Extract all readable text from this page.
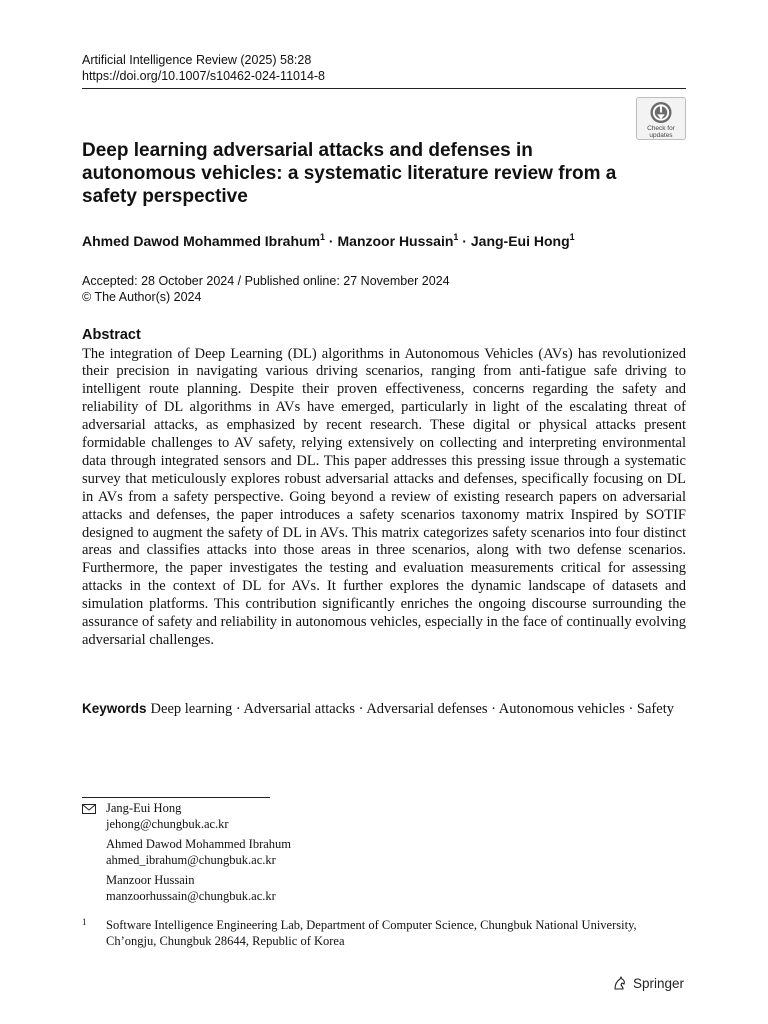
Artificial Intelligence Review (2025) 58:28
https://doi.org/10.1007/s10462-024-11014-8
Check for
updates
Deep learning adversarial attacks and defenses in autonomous vehicles: a systematic literature review from a safety perspective
Ahmed Dawod Mohammed Ibrahum$^1$ · Manzoor Hussain$^1$ · Jang-Eui Hong$^1$
Accepted: 28 October 2024 / Published online: 27 November 2024
© The Author(s) 2024
Abstract

The integration of Deep Learning (DL) algorithms in Autonomous Vehicles (AVs) has revolutionized their precision in navigating various driving scenarios, ranging from anti-fatigue safe driving to intelligent route planning. Despite their proven effectiveness, concerns regarding the safety and reliability of DL algorithms in AVs have emerged, particularly in light of the escalating threat of adversarial attacks, as emphasized by recent research. These digital or physical attacks present formidable challenges to AV safety, relying extensively on collecting and interpreting environmental data through integrated sensors and DL. This paper addresses this pressing issue through a systematic survey that meticulously explores robust adversarial attacks and defenses, specifically focusing on DL in AVs from a safety perspective. Going beyond a review of existing research papers on adversarial attacks and defenses, the paper introduces a safety scenarios taxonomy matrix Inspired by SOTIF designed to augment the safety of DL in AVs. This matrix categorizes safety scenarios into four distinct areas and classifies attacks into those areas in three scenarios, along with two defense scenarios. Furthermore, the paper investigates the testing and evaluation measurements critical for assessing attacks in the context of DL for AVs. It further explores the dynamic landscape of datasets and simulation platforms. This contribution significantly enriches the ongoing discourse surrounding the assurance of safety and reliability in autonomous vehicles, especially in the face of continually evolving adversarial challenges.

Keywords Deep learning · Adversarial attacks · Adversarial defenses · Autonomous vehicles · Safety

Jang-Eui Hong
jehong@chungbuk.ac.kr
Ahmed Dawod Mohammed Ibrahum
ahmed_ibrahum@chungbuk.ac.kr
Manzoor Hussain
manzoorhussain@chungbuk.ac.kr
1 Software Intelligence Engineering Lab, Department of Computer Science, Chungbuk National University, Ch’ongju, Chungbuk 28644, Republic of Korea
Springer
